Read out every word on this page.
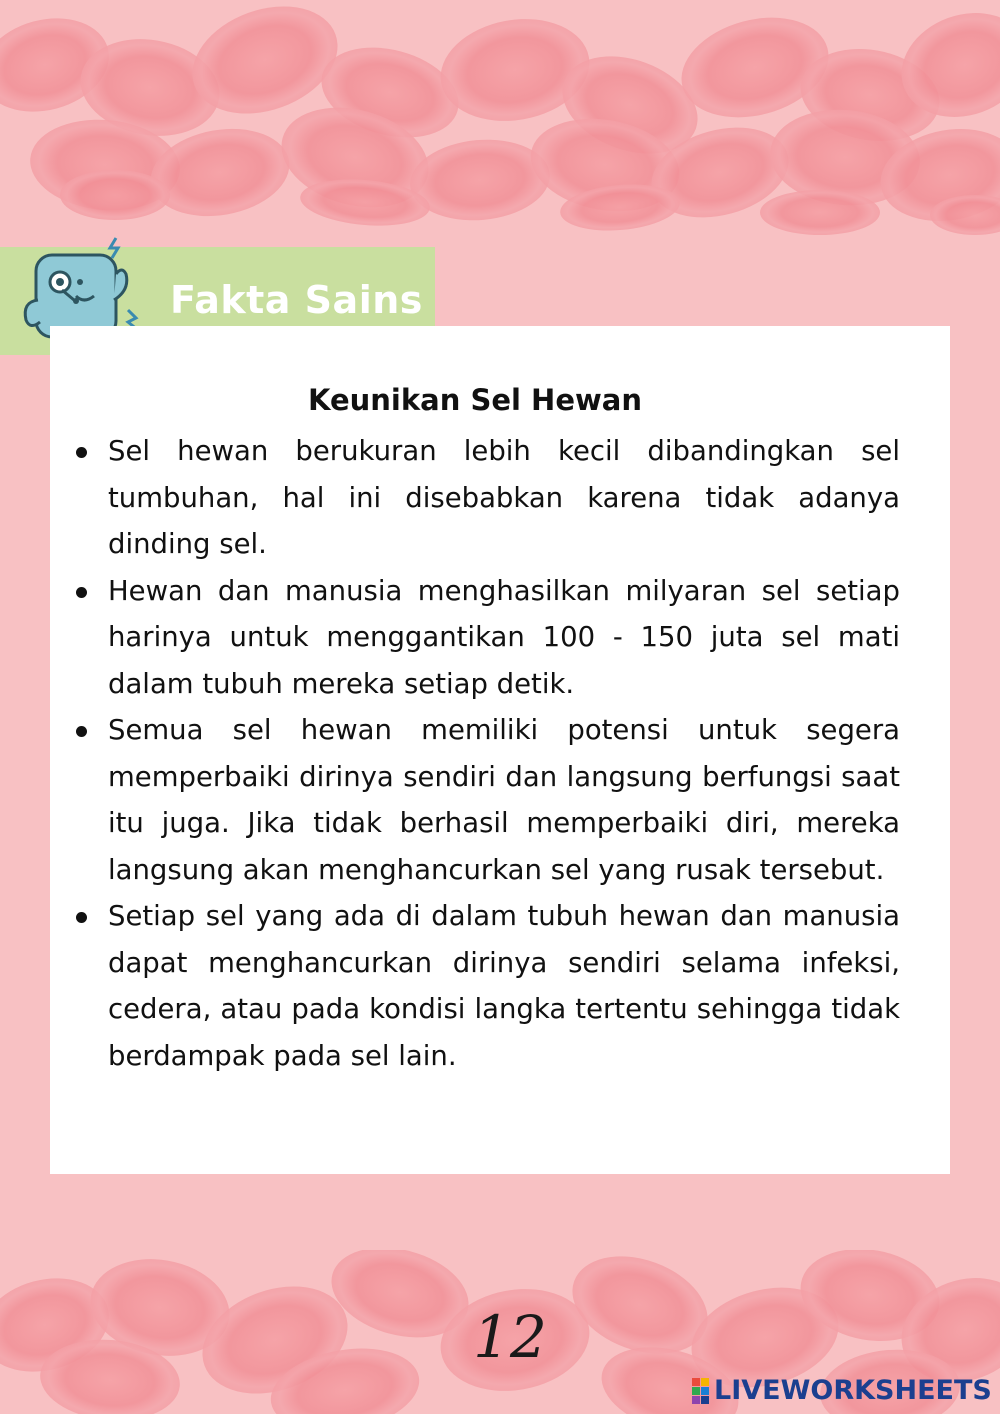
Fakta Sains
Keunikan Sel Hewan
Sel hewan berukuran lebih kecil dibandingkan sel tumbuhan, hal ini disebabkan karena tidak adanya dinding sel.
Hewan dan manusia menghasilkan milyaran sel setiap harinya untuk menggantikan 100 - 150 juta sel mati dalam tubuh mereka setiap detik.
Semua sel hewan memiliki potensi untuk segera memperbaiki dirinya sendiri dan langsung berfungsi saat itu juga. Jika tidak berhasil memperbaiki diri, mereka langsung akan menghancurkan sel yang rusak tersebut.
Setiap sel yang ada di dalam tubuh hewan dan manusia dapat menghancurkan dirinya sendiri selama infeksi, cedera, atau pada kondisi langka tertentu sehingga tidak berdampak pada sel lain.
12
LIVEWORKSHEETS
